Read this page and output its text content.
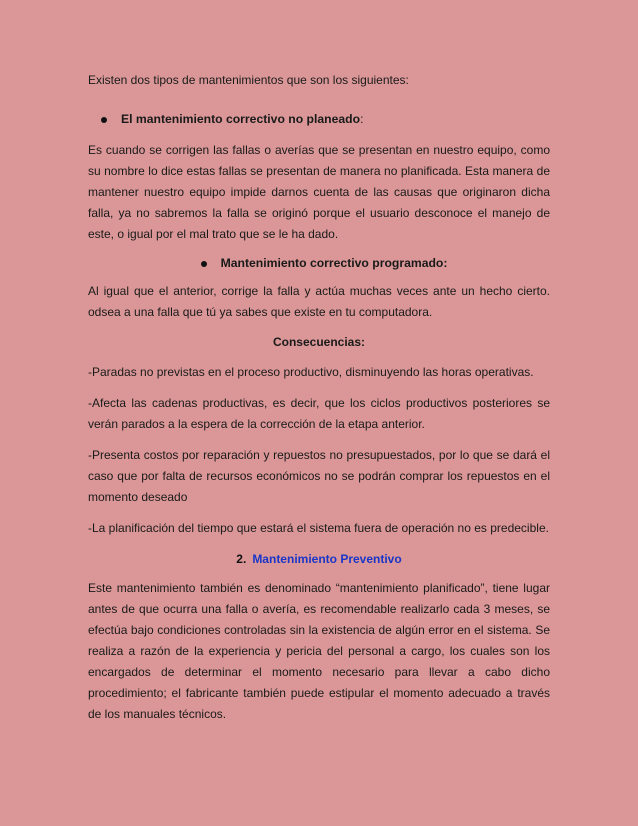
Existen dos tipos de mantenimientos que son los siguientes:

El mantenimiento correctivo no planeado :

Es cuando se corrigen las fallas o averías que se presentan en nuestro equipo, como su nombre lo dice estas fallas se presentan de manera no planificada. Esta manera de mantener nuestro equipo impide darnos cuenta de las causas que originaron dicha falla, ya no sabremos la falla se originó porque el usuario desconoce el manejo de este, o igual por el mal trato que se le ha dado.

Mantenimiento correctivo programado:

Al igual que el anterior, corrige la falla y actúa muchas veces ante un hecho cierto. odsea a una falla que tú ya sabes que existe en tu computadora.

Consecuencias:

-Paradas no previstas en el proceso productivo, disminuyendo las horas operativas.

-Afecta las cadenas productivas, es decir, que los ciclos productivos posteriores se verán parados a la espera de la corrección de la etapa anterior.

-Presenta costos por reparación y repuestos no presupuestados, por lo que se dará el caso que por falta de recursos económicos no se podrán comprar los repuestos en el momento deseado

-La planificación del tiempo que estará el sistema fuera de operación no es predecible.

2. Mantenimiento Preventivo

Este mantenimiento también es denominado “mantenimiento planificado”, tiene lugar antes de que ocurra una falla o avería, es recomendable realizarlo cada 3 meses, se efectúa bajo condiciones controladas sin la existencia de algún error en el sistema. Se realiza a razón de la experiencia y pericia del personal a cargo, los cuales son los encargados de determinar el momento necesario para llevar a cabo dicho procedimiento; el fabricante también puede estipular el momento adecuado a través de los manuales técnicos.
